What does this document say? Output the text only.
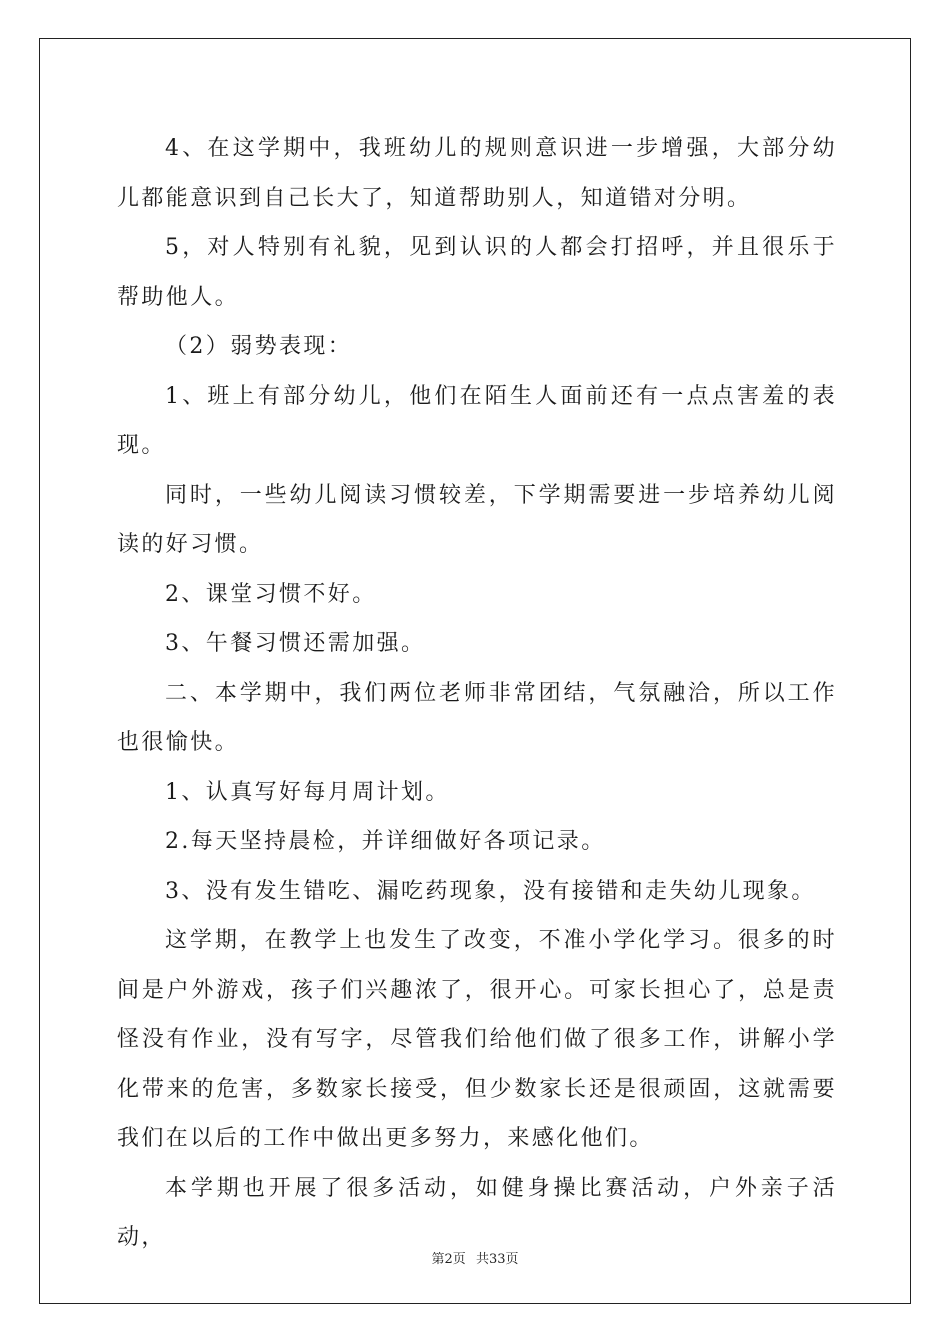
4、在这学期中，我班幼儿的规则意识进一步增强，大部分幼儿都能意识到自己长大了，知道帮助别人，知道错对分明。

5，对人特别有礼貌，见到认识的人都会打招呼，并且很乐于帮助他人。

（2）弱势表现：

1、班上有部分幼儿，他们在陌生人面前还有一点点害羞的表现。

同时，一些幼儿阅读习惯较差，下学期需要进一步培养幼儿阅读的好习惯。

2、课堂习惯不好。

3、午餐习惯还需加强。

二、本学期中，我们两位老师非常团结，气氛融洽，所以工作也很愉快。

1、认真写好每月周计划。

2.每天坚持晨检，并详细做好各项记录。

3、没有发生错吃、漏吃药现象，没有接错和走失幼儿现象。

这学期，在教学上也发生了改变，不准小学化学习。很多的时间是户外游戏，孩子们兴趣浓了，很开心。可家长担心了，总是责怪没有作业，没有写字，尽管我们给他们做了很多工作，讲解小学化带来的危害，多数家长接受，但少数家长还是很顽固，这就需要我们在以后的工作中做出更多努力，来感化他们。

本学期也开展了很多活动，如健身操比赛活动，户外亲子活动，

第2页 共33页
